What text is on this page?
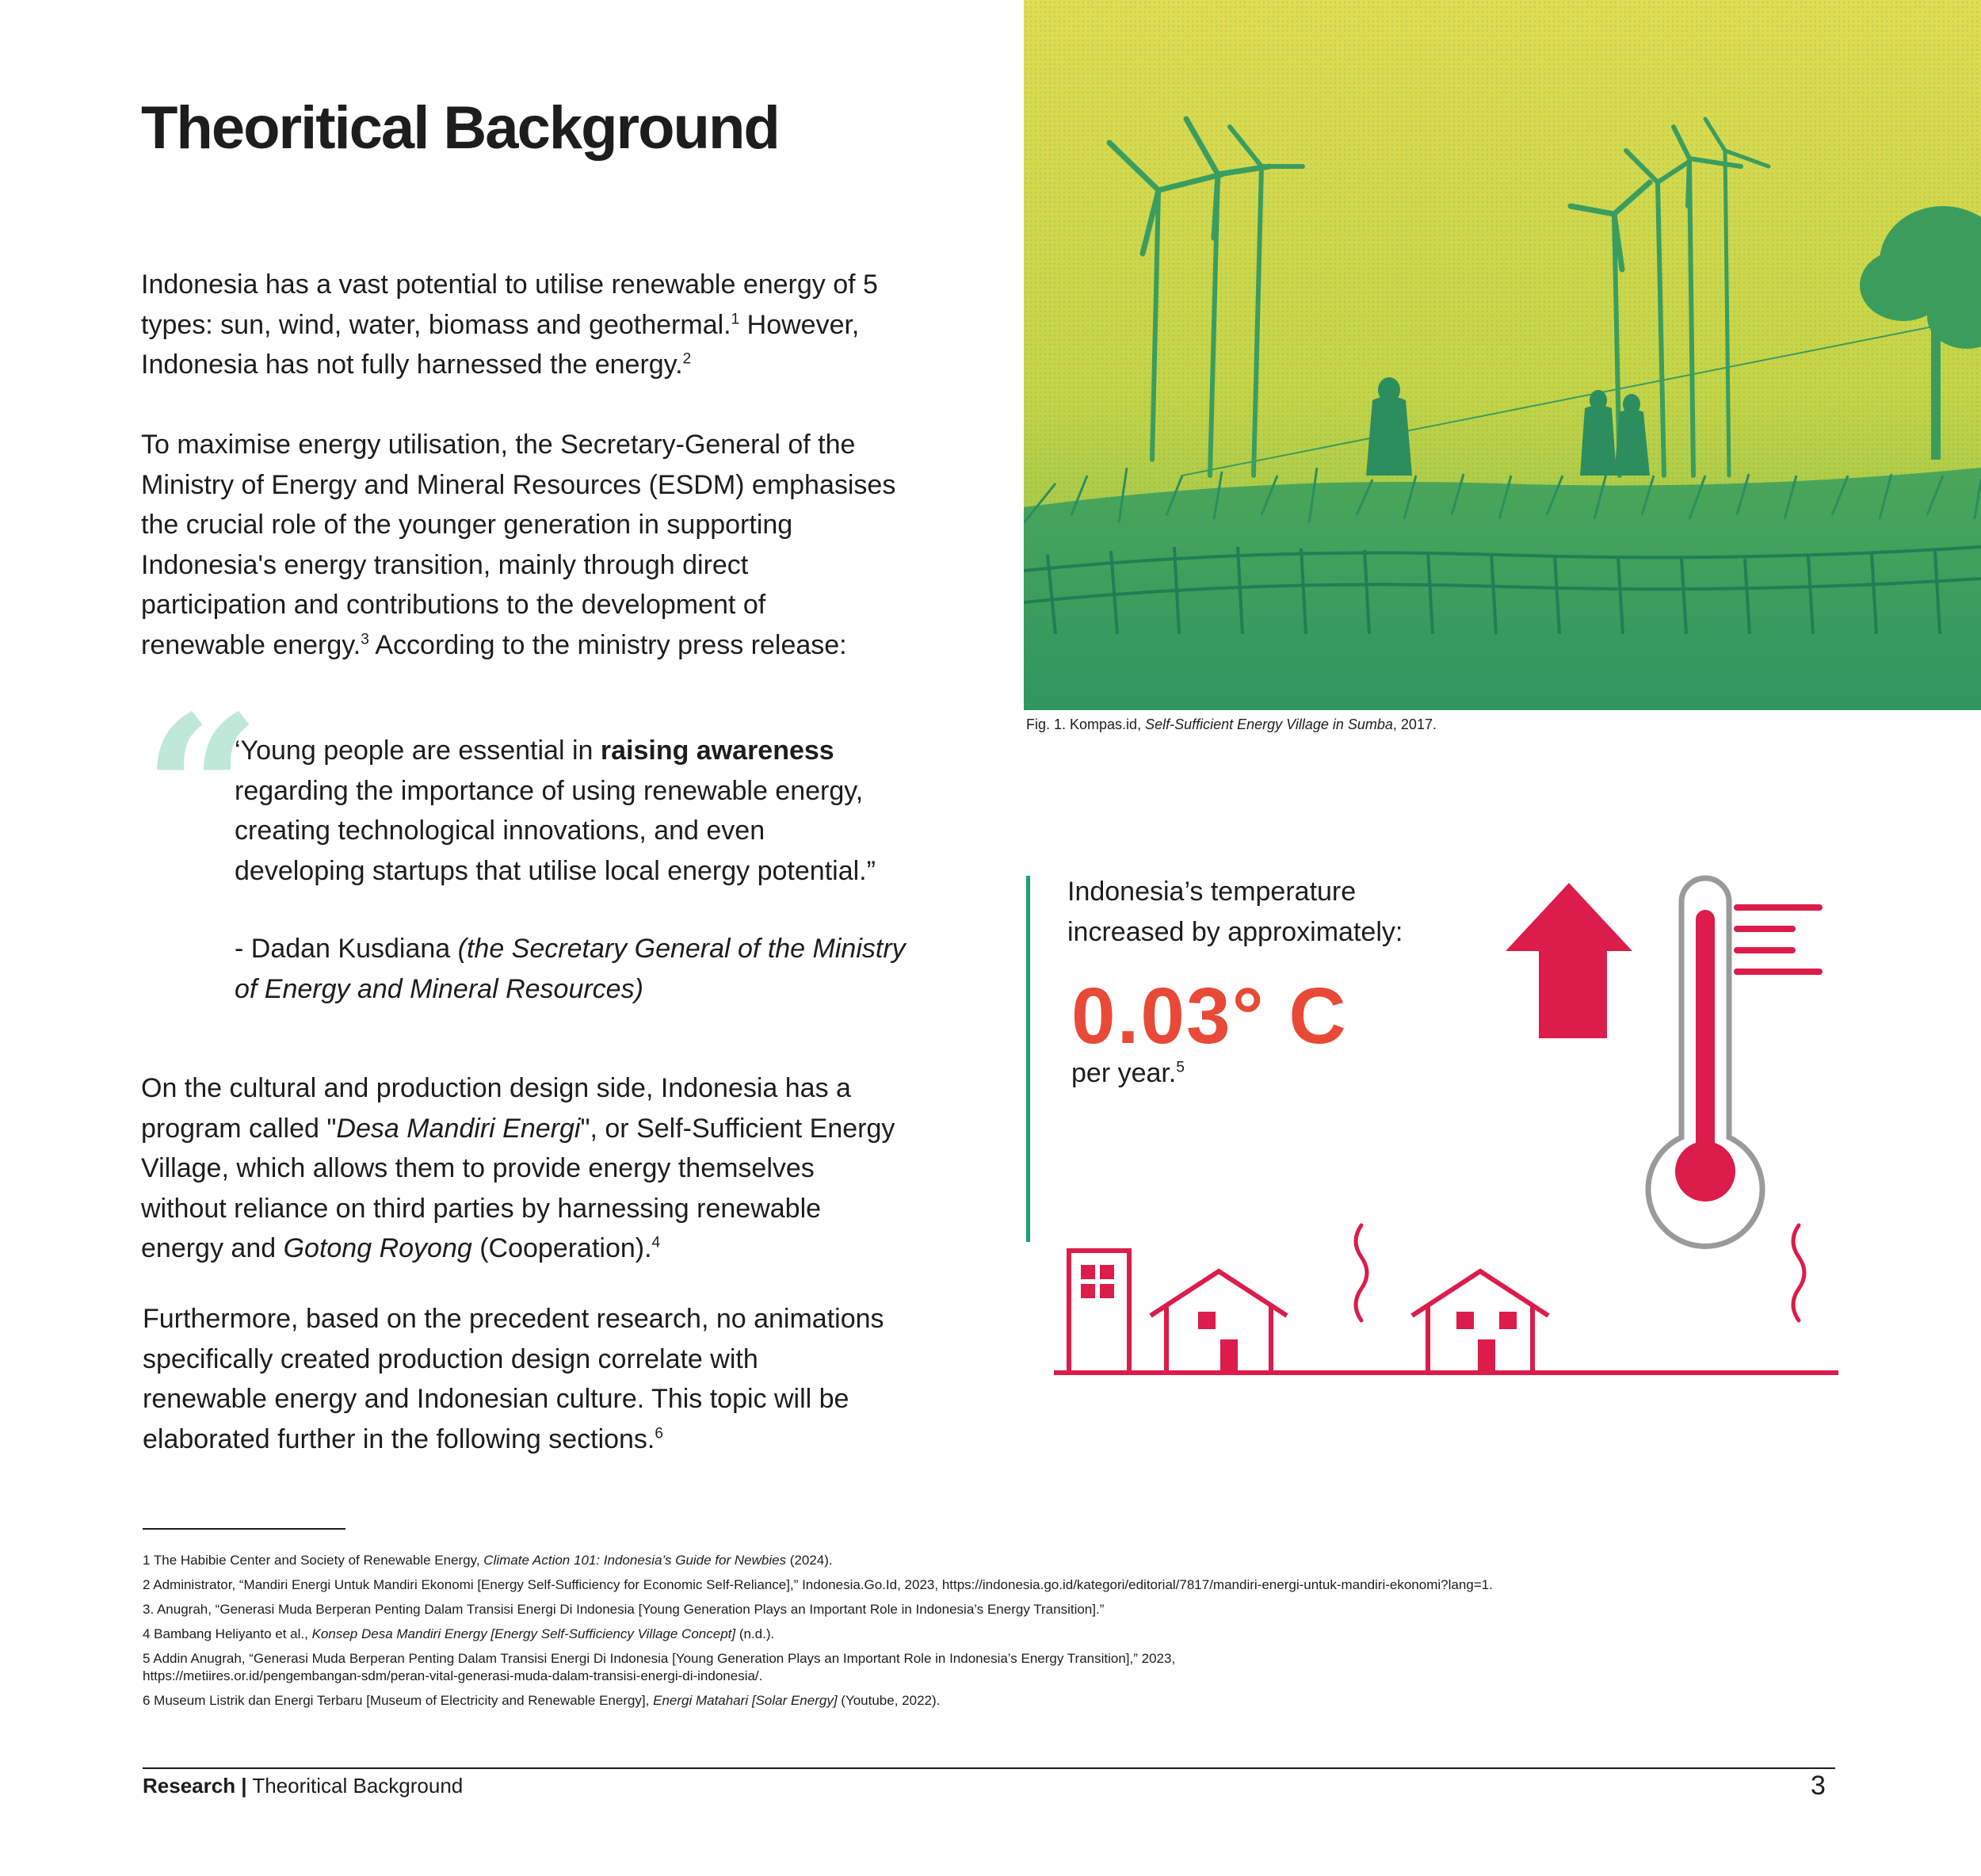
Theoritical Background

Indonesia has a vast potential to utilise renewable energy of 5
types: sun, wind, water, biomass and geothermal.$^1$ However,
Indonesia has not fully harnessed the energy.$^2$

To maximise energy utilisation, the Secretary-General of the
Ministry of Energy and Mineral Resources (ESDM) emphasises
the crucial role of the younger generation in supporting
Indonesia's energy transition, mainly through direct
participation and contributions to the development of
renewable energy.$^3$ According to the ministry press release:

“

‘Young people are essential in raising awareness
regarding the importance of using renewable energy,
creating technological innovations, and even
developing startups that utilise local energy potential.”

- Dadan Kusdiana (the Secretary General of the Ministry
of Energy and Mineral Resources)

On the cultural and production design side, Indonesia has a
program called "Desa Mandiri Energi", or Self-Sufficient Energy
Village, which allows them to provide energy themselves
without reliance on third parties by harnessing renewable
energy and Gotong Royong (Cooperation).$^4$

Furthermore, based on the precedent research, no animations
specifically created production design correlate with
renewable energy and Indonesian culture. This topic will be
elaborated further in the following sections.$^6$

Fig. 1. Kompas.id, Self-Sufficient Energy Village in Sumba, 2017.

Indonesia’s temperature
increased by approximately:

0.03° C

per year.$^5$

1 The Habibie Center and Society of Renewable Energy, Climate Action 101: Indonesia’s Guide for Newbies (2024).
2 Administrator, “Mandiri Energi Untuk Mandiri Ekonomi [Energy Self-Sufficiency for Economic Self-Reliance],” Indonesia.Go.Id, 2023, https://indonesia.go.id/kategori/editorial/7817/mandiri-energi-untuk-mandiri-ekonomi?lang=1.
3. Anugrah, “Generasi Muda Berperan Penting Dalam Transisi Energi Di Indonesia [Young Generation Plays an Important Role in Indonesia’s Energy Transition].”
4 Bambang Heliyanto et al., Konsep Desa Mandiri Energy [Energy Self-Sufficiency Village Concept] (n.d.).
5 Addin Anugrah, “Generasi Muda Berperan Penting Dalam Transisi Energi Di Indonesia [Young Generation Plays an Important Role in Indonesia’s Energy Transition],” 2023,
https://metiires.or.id/pengembangan-sdm/peran-vital-generasi-muda-dalam-transisi-energi-di-indonesia/.
6 Museum Listrik dan Energi Terbaru [Museum of Electricity and Renewable Energy], Energi Matahari [Solar Energy] (Youtube, 2022).

Research | Theoritical Background	3
